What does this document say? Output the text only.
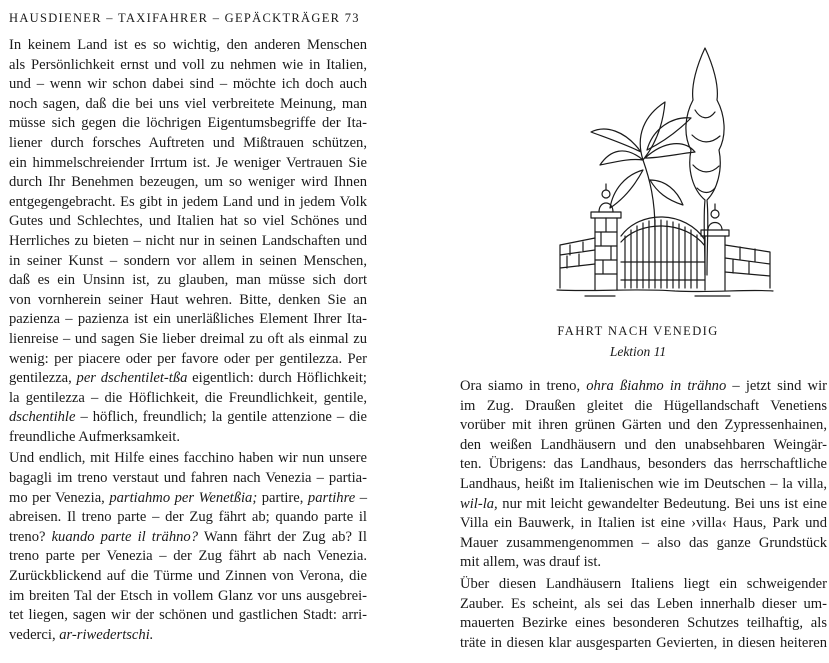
HAUSDIENER – TAXIFAHRER – GEPÄCKTRÄGER 73
In keinem Land ist es so wichtig, den anderen Menschen
als Persönlichkeit ernst und voll zu nehmen wie in Italien,
und – wenn wir schon dabei sind – möchte ich doch auch
noch sagen, daß die bei uns viel verbreitete Meinung, man
müsse sich gegen die löchrigen Eigentumsbegriffe der Ita-
liener durch forsches Auftreten und Mißtrauen schützen,
ein himmelschreiender Irrtum ist. Je weniger Vertrauen Sie
durch Ihr Benehmen bezeugen, um so weniger wird Ihnen
entgegengebracht. Es gibt in jedem Land und in jedem Volk
Gutes und Schlechtes, und Italien hat so viel Schönes und
Herrliches zu bieten – nicht nur in seinen Landschaften und
in seiner Kunst – sondern vor allem in seinen Menschen,
daß es ein Unsinn ist, zu glauben, man müsse sich dort
von vornherein seiner Haut wehren. Bitte, denken Sie an
pazienza – pazienza ist ein unerläßliches Element Ihrer Ita-
lienreise – und sagen Sie lieber dreimal zu oft als einmal zu
wenig: per piacere oder per favore oder per gentilezza. Per
gentilezza, per dschentilet-tßa eigentlich: durch Höflichkeit;
la gentilezza – die Höflichkeit, die Freundlichkeit, gentile,
dschentihle – höflich, freundlich; la gentile attenzione – die
freundliche Aufmerksamkeit.
Und endlich, mit Hilfe eines facchino haben wir nun unsere
bagagli im treno verstaut und fahren nach Venezia – partia-
mo per Venezia, partiahmo per Wenetßia; partire, partihre –
abreisen. Il treno parte – der Zug fährt ab; quando parte il
treno? kuando parte il trähno? Wann fährt der Zug ab? Il
treno parte per Venezia – der Zug fährt ab nach Venezia.
Zurückblickend auf die Türme und Zinnen von Verona, die
im breiten Tal der Etsch in vollem Glanz vor uns ausgebrei-
tet liegen, sagen wir der schönen und gastlichen Stadt: arri-
vederci, ar-riwedertschi.
FAHRT NACH VENEDIG
Lektion 11
Ora siamo in treno, ohra ßiahmo in trähno – jetzt sind wir
im Zug. Draußen gleitet die Hügellandschaft Venetiens
vorüber mit ihren grünen Gärten und den Zypressenhainen,
den weißen Landhäusern und den unabsehbaren Weingär-
ten. Übrigens: das Landhaus, besonders das herrschaftliche
Landhaus, heißt im Italienischen wie im Deutschen – la villa,
wil-la, nur mit leicht gewandelter Bedeutung. Bei uns ist eine
Villa ein Bauwerk, in Italien ist eine ›villa‹ Haus, Park und
Mauer zusammengenommen – also das ganze Grundstück
mit allem, was drauf ist.
Über diesen Landhäusern Italiens liegt ein schweigender
Zauber. Es scheint, als sei das Leben innerhalb dieser um-
mauerten Bezirke eines besonderen Schutzes teilhaftig, als
träte in diesen klar ausgesparten Gevierten, in diesen heiteren
